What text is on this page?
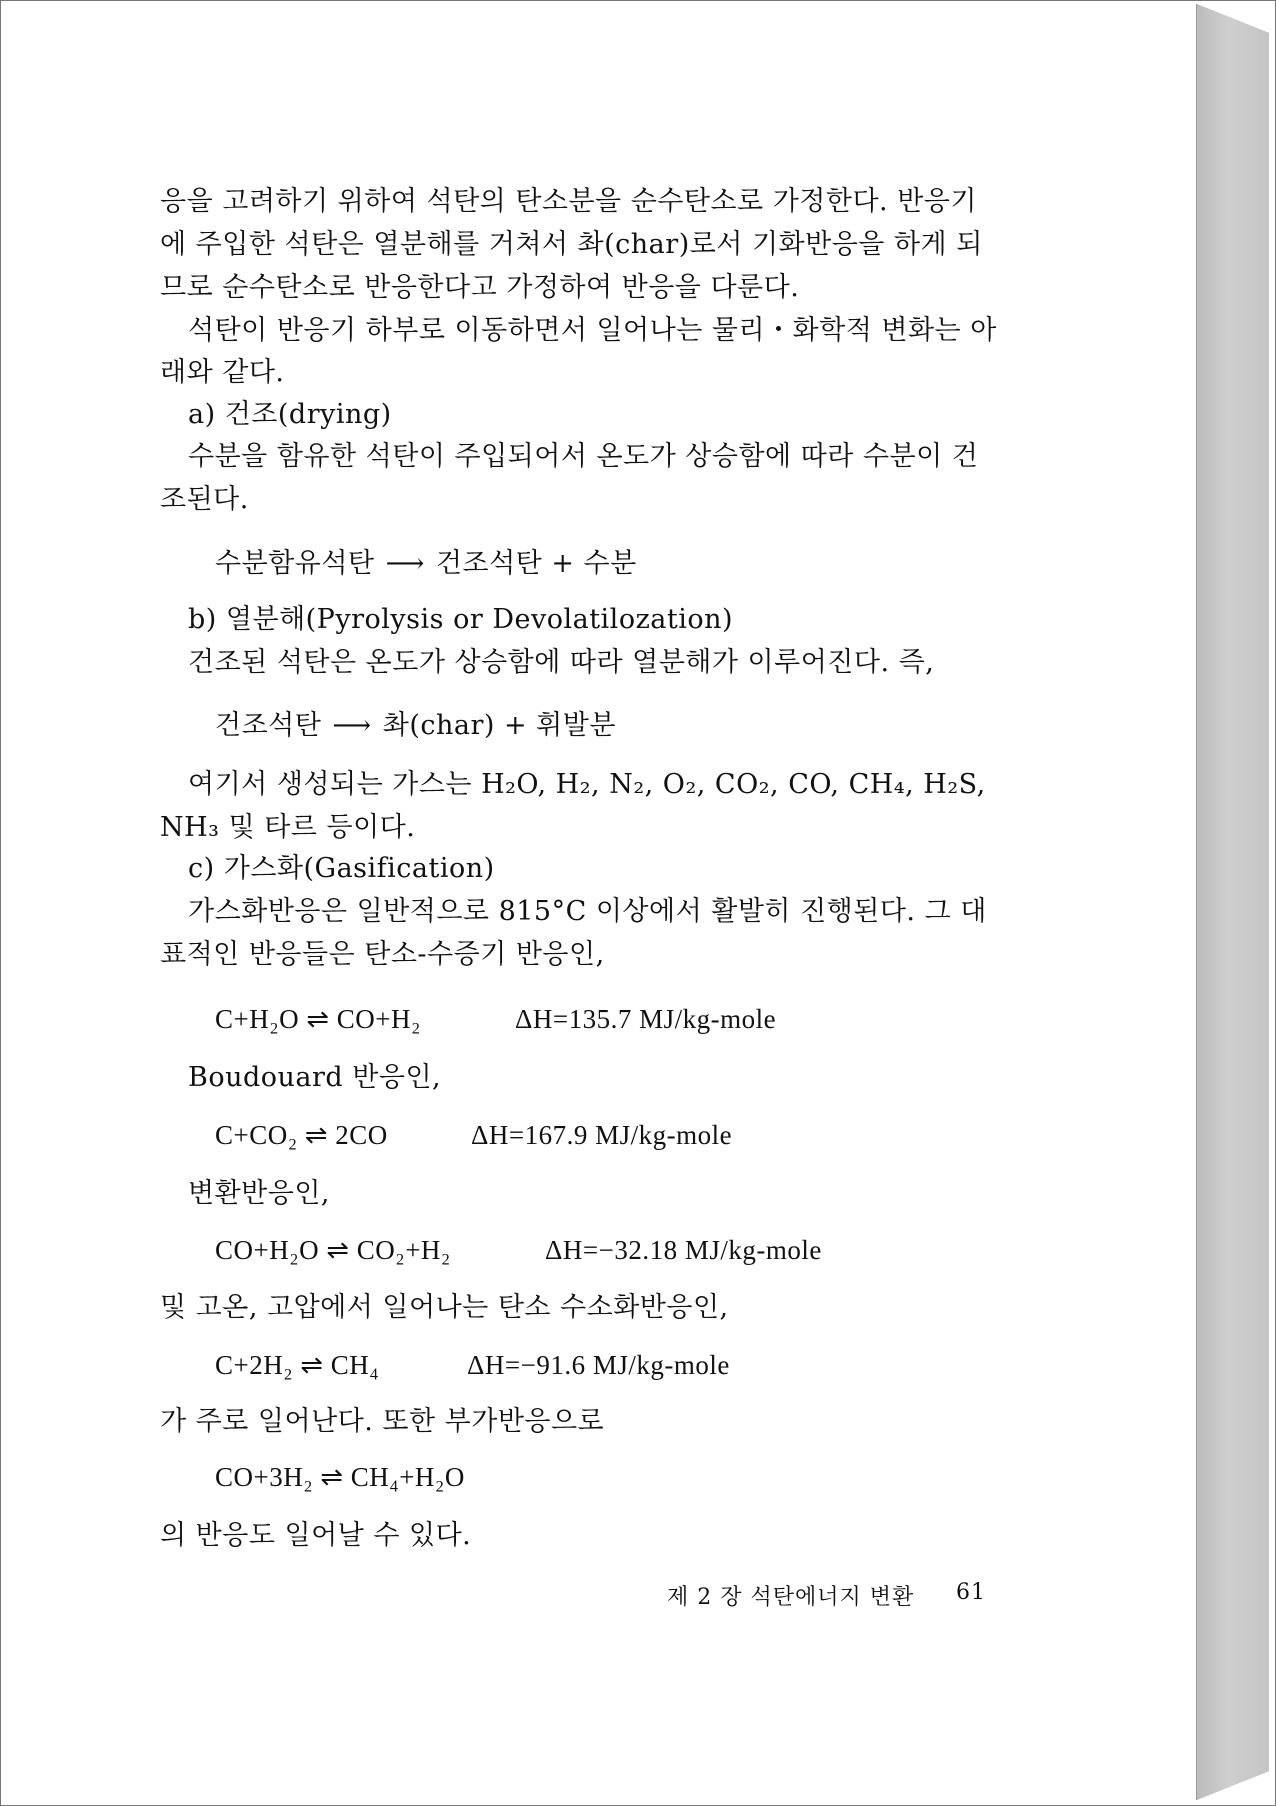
응을 고려하기 위하여 석탄의 탄소분을 순수탄소로 가정한다. 반응기
에 주입한 석탄은 열분해를 거쳐서 촤(char)로서 기화반응을 하게 되
므로 순수탄소로 반응한다고 가정하여 반응을 다룬다.
석탄이 반응기 하부로 이동하면서 일어나는 물리・화학적 변화는 아
래와 같다.
a) 건조(drying)
수분을 함유한 석탄이 주입되어서 온도가 상승함에 따라 수분이 건
조된다.
수분함유석탄 ⟶ 건조석탄 + 수분
b) 열분해(Pyrolysis or Devolatilozation)
건조된 석탄은 온도가 상승함에 따라 열분해가 이루어진다. 즉,
건조석탄 ⟶ 촤(char) + 휘발분
여기서 생성되는 가스는 H₂O, H₂, N₂, O₂, CO₂, CO, CH₄, H₂S,
NH₃ 및 타르 등이다.
c) 가스화(Gasification)
가스화반응은 일반적으로 815°C 이상에서 활발히 진행된다. 그 대
표적인 반응들은 탄소-수증기 반응인,
C+H₂O ⇌ CO+H₂	ΔH=135.7 MJ/kg-mole
Boudouard 반응인,
C+CO₂ ⇌ 2CO	ΔH=167.9 MJ/kg-mole
변환반응인,
CO+H₂O ⇌ CO₂+H₂	ΔH=−32.18 MJ/kg-mole
및 고온, 고압에서 일어나는 탄소 수소화반응인,
C+2H₂ ⇌ CH₄	ΔH=−91.6 MJ/kg-mole
가 주로 일어난다. 또한 부가반응으로
CO+3H₂ ⇌ CH₄+H₂O
의 반응도 일어날 수 있다.
제 2 장 석탄에너지 변환 61
